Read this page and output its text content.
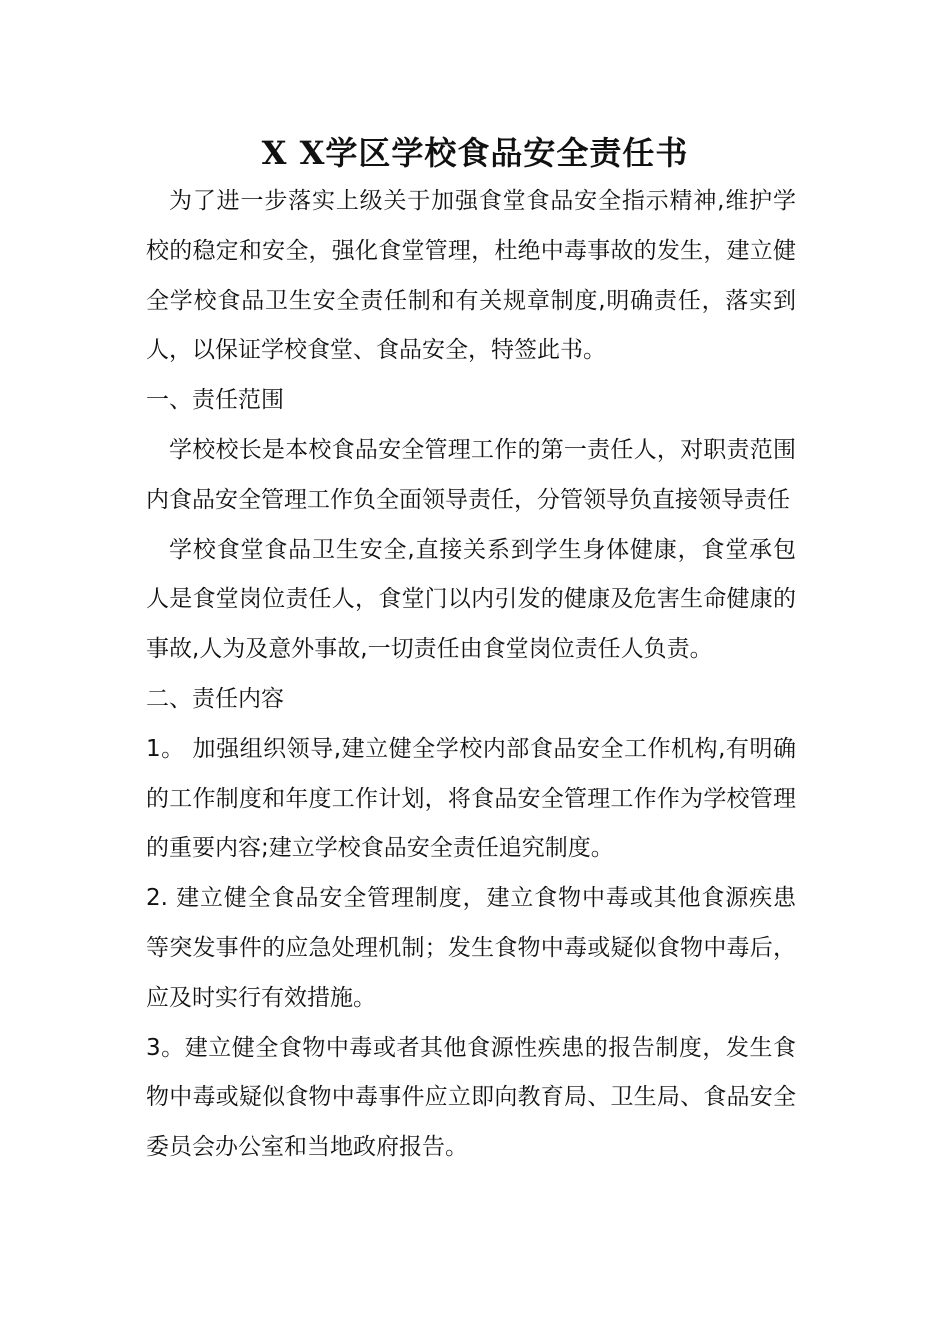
X X学区学校食品安全责任书

为了进一步落实上级关于加强食堂食品安全指示精神,维护学校的稳定和安全，强化食堂管理，杜绝中毒事故的发生，建立健全学校食品卫生安全责任制和有关规章制度,明确责任，落实到人，以保证学校食堂、食品安全，特签此书。

一、责任范围

学校校长是本校食品安全管理工作的第一责任人，对职责范围内食品安全管理工作负全面领导责任，分管领导负直接领导责任

学校食堂食品卫生安全,直接关系到学生身体健康，食堂承包人是食堂岗位责任人，食堂门以内引发的健康及危害生命健康的事故,人为及意外事故,一切责任由食堂岗位责任人负责。

二、责任内容

1。 加强组织领导,建立健全学校内部食品安全工作机构,有明确的工作制度和年度工作计划，将食品安全管理工作作为学校管理的重要内容;建立学校食品安全责任追究制度。

2. 建立健全食品安全管理制度，建立食物中毒或其他食源疾患等突发事件的应急处理机制；发生食物中毒或疑似食物中毒后，应及时实行有效措施。

3。建立健全食物中毒或者其他食源性疾患的报告制度，发生食物中毒或疑似食物中毒事件应立即向教育局、卫生局、食品安全委员会办公室和当地政府报告。
